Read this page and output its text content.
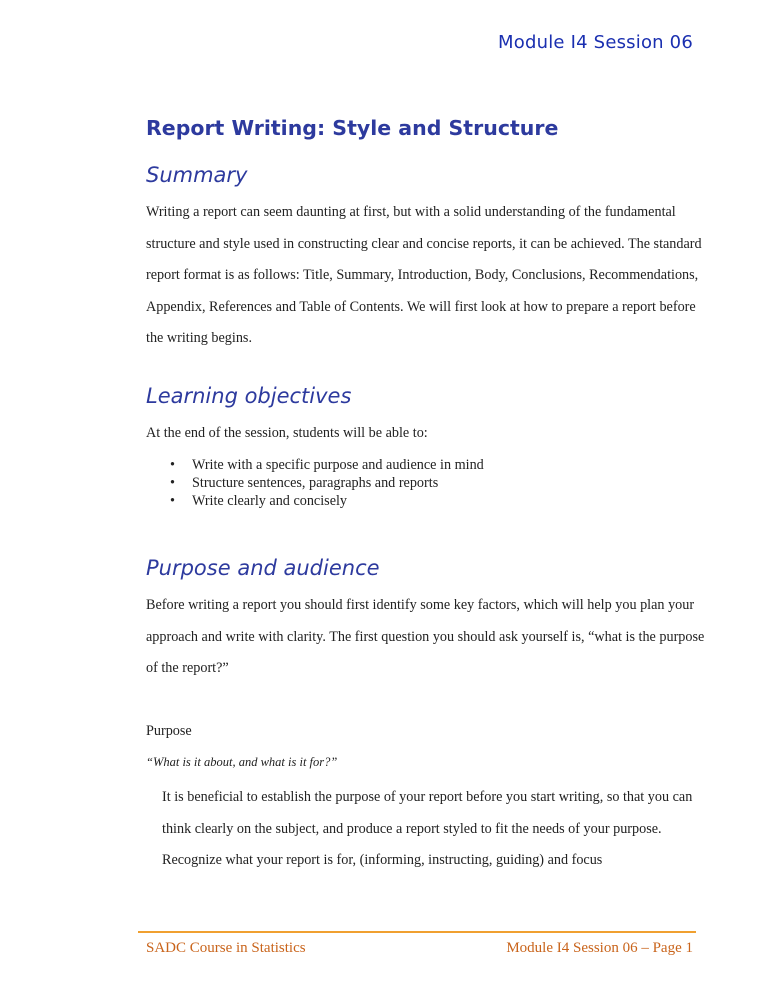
Module I4 Session 06
Report Writing: Style and Structure
Summary

Writing a report can seem daunting at first, but with a solid understanding of the fundamental structure and style used in constructing clear and concise reports, it can be achieved. The standard report format is as follows: Title, Summary, Introduction, Body, Conclusions, Recommendations, Appendix, References and Table of Contents. We will first look at how to prepare a report before the writing begins.

Learning objectives

At the end of the session, students will be able to:

• Write with a specific purpose and audience in mind
• Structure sentences, paragraphs and reports
• Write clearly and concisely
Purpose and audience

Before writing a report you should first identify some key factors, which will help you plan your approach and write with clarity. The first question you should ask yourself is, “what is the purpose of the report?”

Purpose

“What is it about, and what is it for?”

It is beneficial to establish the purpose of your report before you start writing, so that you can think clearly on the subject, and produce a report styled to fit the needs of your purpose. Recognize what your report is for, (informing, instructing, guiding) and focus

SADC Course in Statistics	Module I4 Session 06 – Page 1
